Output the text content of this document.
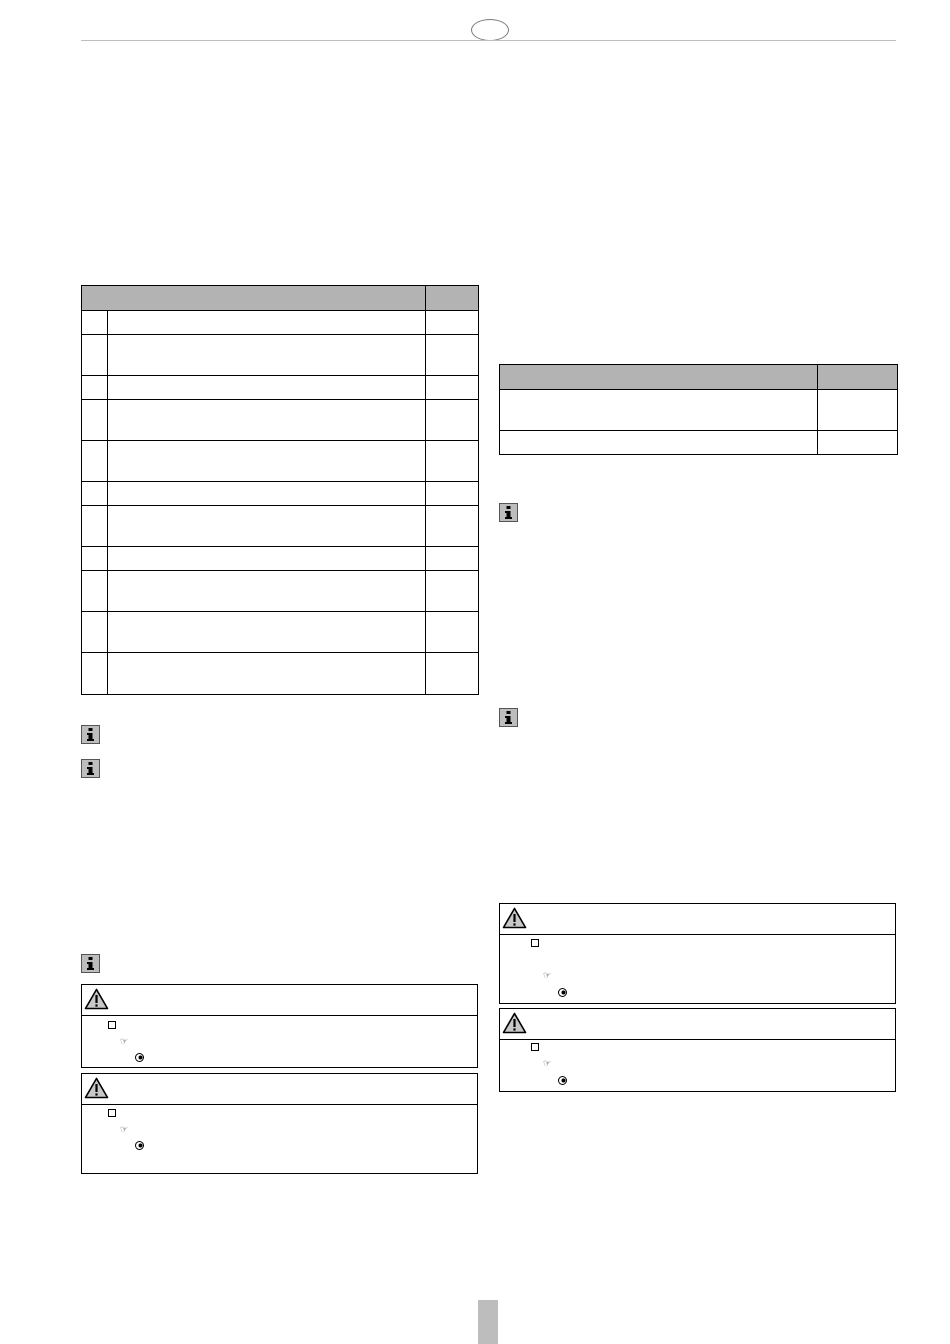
☞
☞
☞
☞
